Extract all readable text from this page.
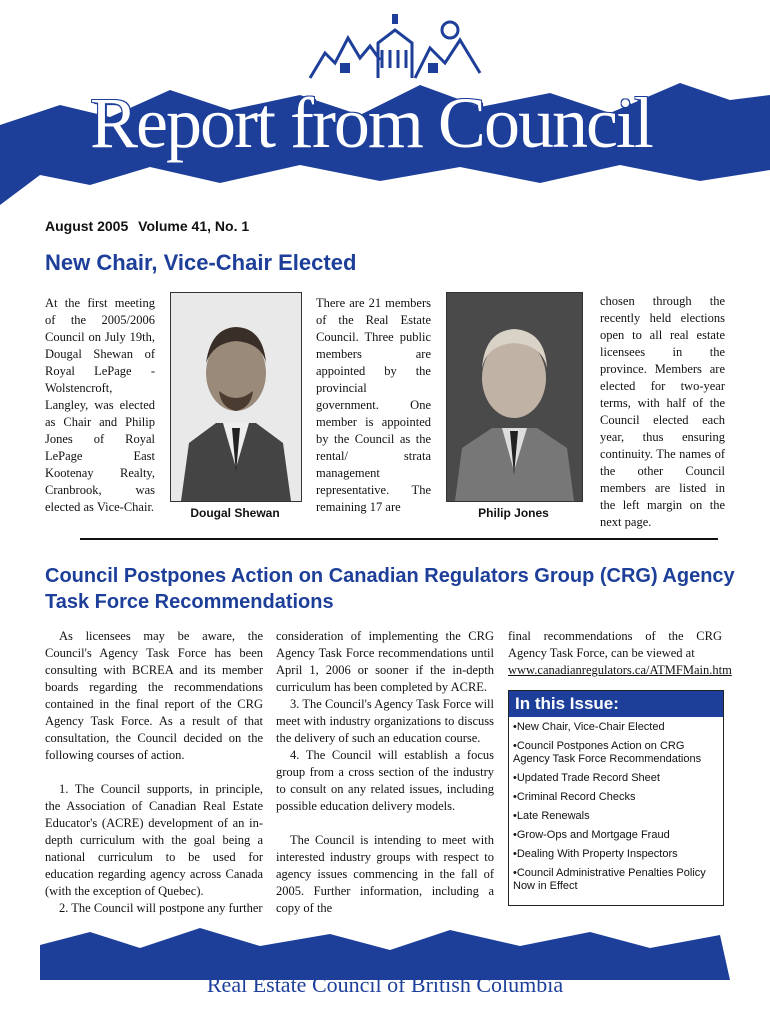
Report from Council
August 2005 Volume 41, No. 1
New Chair, Vice-Chair Elected
At the first meeting of the 2005/2006 Council on July 19th, Dougal Shewan of Royal LePage - Wolstencroft, Langley, was elected as Chair and Philip Jones of Royal LePage East Kootenay Realty, Cranbrook, was elected as Vice-Chair.	Dougal Shewan
There are 21 members of the Real Estate Council. Three public members are appointed by the provincial government. One member is appointed by the Council as the rental/ strata management representative. The remaining 17 are	Philip Jones
chosen through the recently held elections open to all real estate licensees in the province. Members are elected for two-year terms, with half of the Council elected each year, thus ensuring continuity. The names of the other Council members are listed in the left margin on the next page.
Council Postpones Action on Canadian Regulators Group (CRG) Agency Task Force Recommendations

As licensees may be aware, the Council's Agency Task Force has been consulting with BCREA and its member boards regarding the recommendations contained in the final report of the CRG Agency Task Force. As a result of that consultation, the Council decided on the following courses of action.

1. The Council supports, in principle, the Association of Canadian Real Estate Educator's (ACRE) development of an in-depth curriculum with the goal being a national curriculum to be used for education regarding agency across Canada (with the exception of Quebec).

2. The Council will postpone any further

consideration of implementing the CRG Agency Task Force recommendations until April 1, 2006 or sooner if the in-depth curriculum has been completed by ACRE.

3. The Council's Agency Task Force will meet with industry organizations to discuss the delivery of such an education course.

4. The Council will establish a focus group from a cross section of the industry to consult on any related issues, including possible education delivery models.

The Council is intending to meet with interested industry groups with respect to agency issues commencing in the fall of 2005. Further information, including a copy of the

final recommendations of the CRG Agency Task Force, can be viewed at

www.canadianregulators.ca/ATMFMain.htm

In this Issue:
•New Chair, Vice-Chair Elected
•Council Postpones Action on CRG Agency Task Force Recommendations
•Updated Trade Record Sheet
•Criminal Record Checks
•Late Renewals
•Grow-Ops and Mortgage Fraud
•Dealing With Property Inspectors
•Council Administrative Penalties Policy Now in Effect
Real Estate Council of British Columbia
